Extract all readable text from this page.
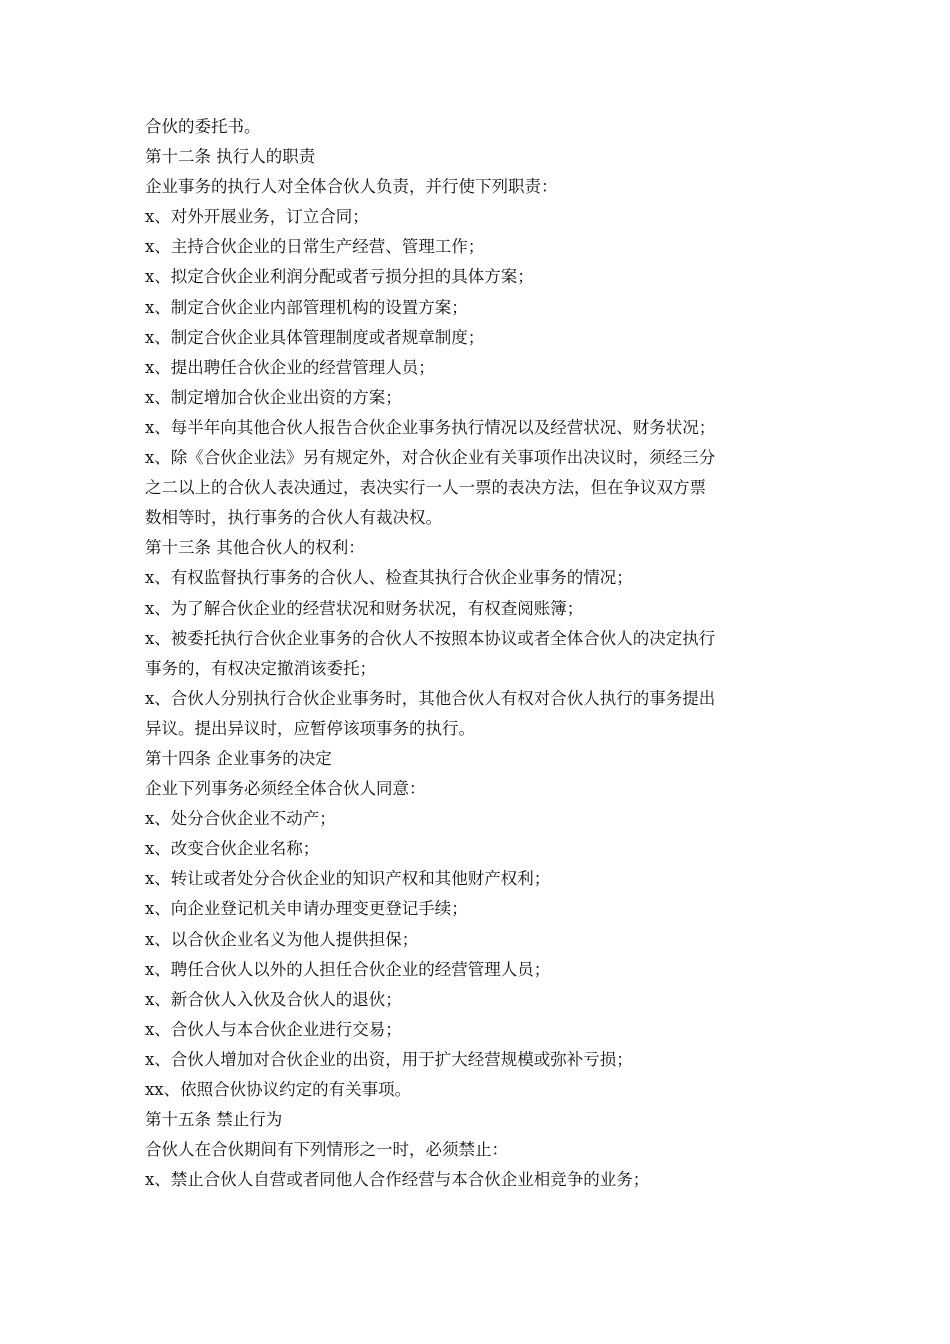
合伙的委托书。
第十二条 执行人的职责
企业事务的执行人对全体合伙人负责，并行使下列职责：
x、对外开展业务，订立合同；
x、主持合伙企业的日常生产经营、管理工作；
x、拟定合伙企业利润分配或者亏损分担的具体方案；
x、制定合伙企业内部管理机构的设置方案；
x、制定合伙企业具体管理制度或者规章制度；
x、提出聘任合伙企业的经营管理人员；
x、制定增加合伙企业出资的方案；
x、每半年向其他合伙人报告合伙企业事务执行情况以及经营状况、财务状况；
x、除《合伙企业法》另有规定外，对合伙企业有关事项作出决议时，须经三分
之二以上的合伙人表决通过，表决实行一人一票的表决方法，但在争议双方票
数相等时，执行事务的合伙人有裁决权。
第十三条 其他合伙人的权利：
x、有权监督执行事务的合伙人、检查其执行合伙企业事务的情况；
x、为了解合伙企业的经营状况和财务状况，有权查阅账簿；
x、被委托执行合伙企业事务的合伙人不按照本协议或者全体合伙人的决定执行
事务的，有权决定撤消该委托；
x、合伙人分别执行合伙企业事务时，其他合伙人有权对合伙人执行的事务提出
异议。提出异议时，应暂停该项事务的执行。
第十四条 企业事务的决定
企业下列事务必须经全体合伙人同意：
x、处分合伙企业不动产；
x、改变合伙企业名称；
x、转让或者处分合伙企业的知识产权和其他财产权利；
x、向企业登记机关申请办理变更登记手续；
x、以合伙企业名义为他人提供担保；
x、聘任合伙人以外的人担任合伙企业的经营管理人员；
x、新合伙人入伙及合伙人的退伙；
x、合伙人与本合伙企业进行交易；
x、合伙人增加对合伙企业的出资，用于扩大经营规模或弥补亏损；
xx、依照合伙协议约定的有关事项。
第十五条 禁止行为
合伙人在合伙期间有下列情形之一时，必须禁止：
x、禁止合伙人自营或者同他人合作经营与本合伙企业相竞争的业务；
